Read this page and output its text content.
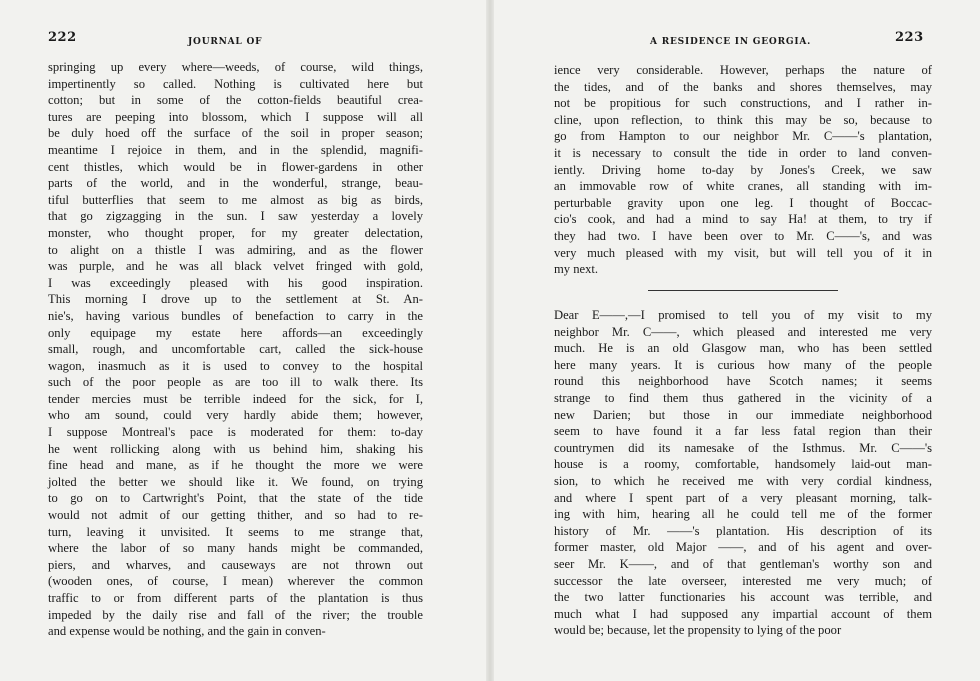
222	JOURNAL OF
springing up every where—weeds, of course, wild things,
impertinently so called. Nothing is cultivated here but
cotton; but in some of the cotton-fields beautiful crea-
tures are peeping into blossom, which I suppose will all
be duly hoed off the surface of the soil in proper season;
meantime I rejoice in them, and in the splendid, magnifi-
cent thistles, which would be in flower-gardens in other
parts of the world, and in the wonderful, strange, beau-
tiful butterflies that seem to me almost as big as birds,
that go zigzagging in the sun. I saw yesterday a lovely
monster, who thought proper, for my greater delectation,
to alight on a thistle I was admiring, and as the flower
was purple, and he was all black velvet fringed with gold,
I was exceedingly pleased with his good inspiration.
This morning I drove up to the settlement at St. An-
nie's, having various bundles of benefaction to carry in the
only equipage my estate here affords—an exceedingly
small, rough, and uncomfortable cart, called the sick-house
wagon, inasmuch as it is used to convey to the hospital
such of the poor people as are too ill to walk there. Its
tender mercies must be terrible indeed for the sick, for I,
who am sound, could very hardly abide them; however,
I suppose Montreal's pace is moderated for them: to-day
he went rollicking along with us behind him, shaking his
fine head and mane, as if he thought the more we were
jolted the better we should like it. We found, on trying
to go on to Cartwright's Point, that the state of the tide
would not admit of our getting thither, and so had to re-
turn, leaving it unvisited. It seems to me strange that,
where the labor of so many hands might be commanded,
piers, and wharves, and causeways are not thrown out
(wooden ones, of course, I mean) wherever the common
traffic to or from different parts of the plantation is thus
impeded by the daily rise and fall of the river; the trouble
and expense would be nothing, and the gain in conven-
A RESIDENCE IN GEORGIA.	223
ience very considerable. However, perhaps the nature of
the tides, and of the banks and shores themselves, may
not be propitious for such constructions, and I rather in-
cline, upon reflection, to think this may be so, because to
go from Hampton to our neighbor Mr. C——'s plantation,
it is necessary to consult the tide in order to land conven-
iently. Driving home to-day by Jones's Creek, we saw
an immovable row of white cranes, all standing with im-
perturbable gravity upon one leg. I thought of Boccac-
cio's cook, and had a mind to say Ha! at them, to try if
they had two. I have been over to Mr. C——'s, and was
very much pleased with my visit, but will tell you of it in
my next.
Dear E——,—I promised to tell you of my visit to my
neighbor Mr. C——, which pleased and interested me very
much. He is an old Glasgow man, who has been settled
here many years. It is curious how many of the people
round this neighborhood have Scotch names; it seems
strange to find them thus gathered in the vicinity of a
new Darien; but those in our immediate neighborhood
seem to have found it a far less fatal region than their
countrymen did its namesake of the Isthmus. Mr. C——'s
house is a roomy, comfortable, handsomely laid-out man-
sion, to which he received me with very cordial kindness,
and where I spent part of a very pleasant morning, talk-
ing with him, hearing all he could tell me of the former
history of Mr. ——'s plantation. His description of its
former master, old Major ——, and of his agent and over-
seer Mr. K——, and of that gentleman's worthy son and
successor the late overseer, interested me very much; of
the two latter functionaries his account was terrible, and
much what I had supposed any impartial account of them
would be; because, let the propensity to lying of the poor
